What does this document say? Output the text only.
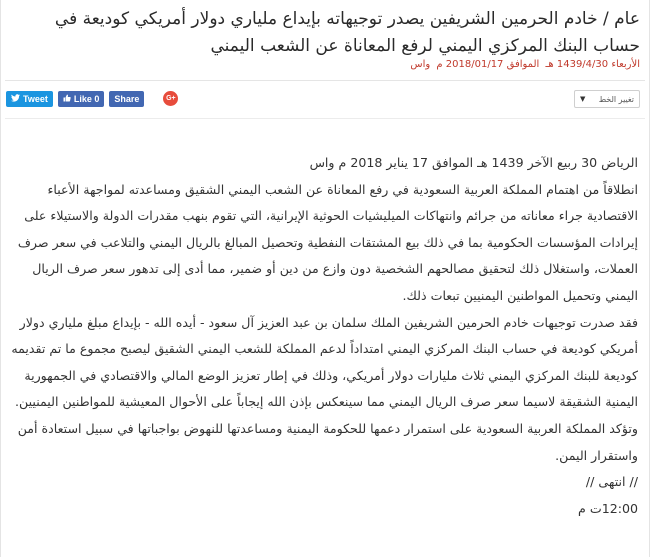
عام / خادم الحرمين الشريفين يصدر توجيهاته بإيداع ملياري دولار أمريكي كوديعة في حساب البنك المركزي اليمني لرفع المعاناة عن الشعب اليمني
الأربعاء 1439/4/30 هـ الموافق 2018/01/17 م واس
Tweet	Like 0 Share	G+	تغيير الخط
▼

الرياض 30 ربيع الآخر 1439 هـ الموافق 17 يناير 2018 م واس

انطلاقاً من اهتمام المملكة العربية السعودية في رفع المعاناة عن الشعب اليمني الشقيق ومساعدته لمواجهة الأعباء الاقتصادية جراء معاناته من جرائم وانتهاكات الميليشيات الحوثية الإيرانية، التي تقوم بنهب مقدرات الدولة والاستيلاء على إيرادات المؤسسات الحكومية بما في ذلك بيع المشتقات النفطية وتحصيل المبالغ بالريال اليمني والتلاعب في سعر صرف العملات، واستغلال ذلك لتحقيق مصالحهم الشخصية دون وازع من دين أو ضمير، مما أدى إلى تدهور سعر صرف الريال اليمني وتحميل المواطنين اليمنيين تبعات ذلك.

فقد صدرت توجيهات خادم الحرمين الشريفين الملك سلمان بن عبد العزيز آل سعود - أيده الله - بإيداع مبلغ ملياري دولار أمريكي كوديعة في حساب البنك المركزي اليمني امتداداً لدعم المملكة للشعب اليمني الشقيق ليصبح مجموع ما تم تقديمه كوديعة للبنك المركزي اليمني ثلاث مليارات دولار أمريكي، وذلك في إطار تعزيز الوضع المالي والاقتصادي في الجمهورية اليمنية الشقيقة لاسيما سعر صرف الريال اليمني مما سينعكس بإذن الله إيجاباً على الأحوال المعيشية للمواطنين اليمنيين.

وتؤكد المملكة العربية السعودية على استمرار دعمها للحكومة اليمنية ومساعدتها للنهوض بواجباتها في سبيل استعادة أمن واستقرار اليمن.

// انتهى //

12:00ت م
